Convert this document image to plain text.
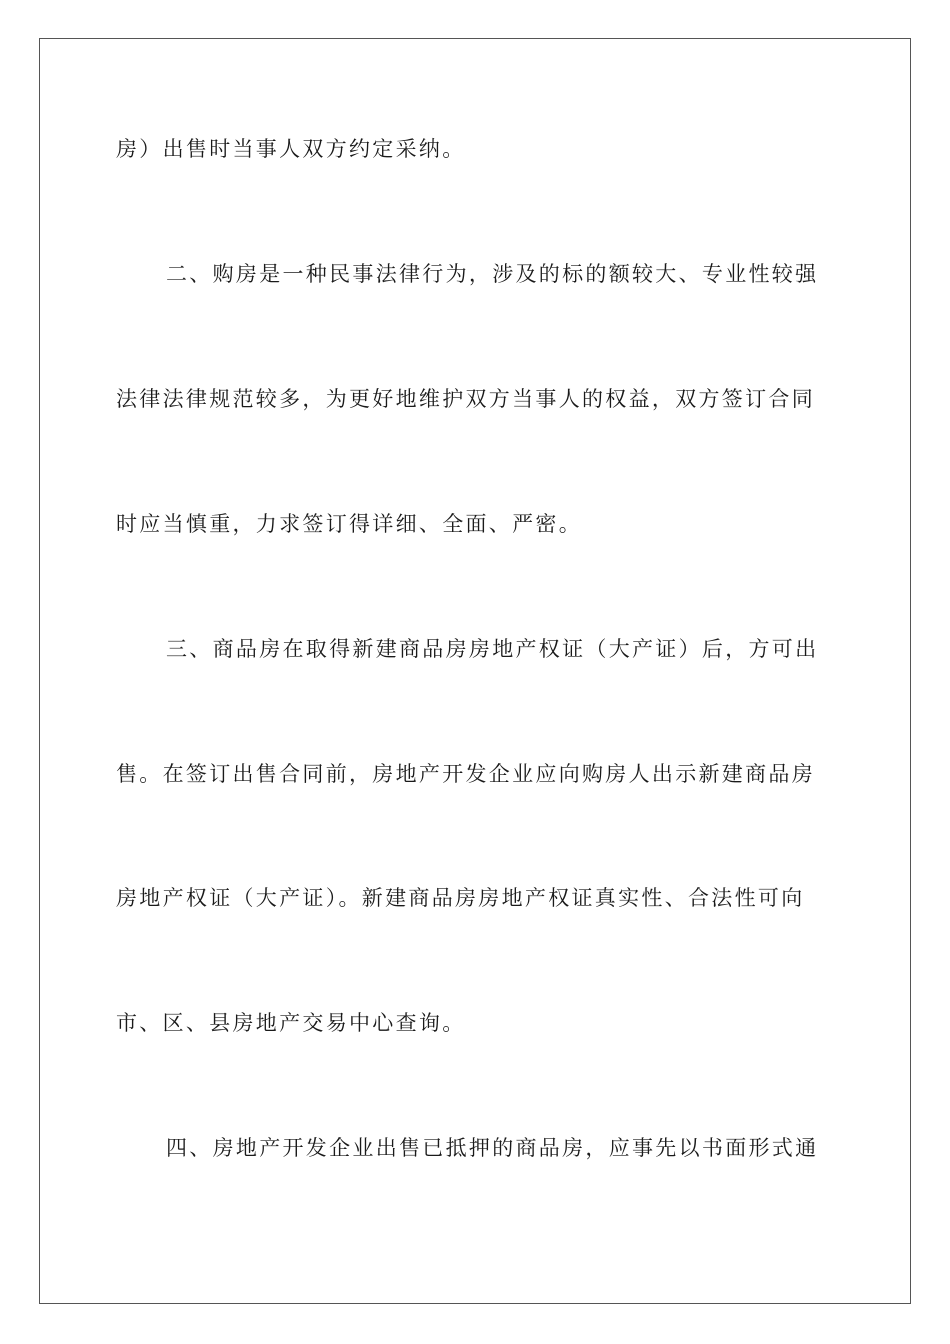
房）出售时当事人双方约定采纳。
二、购房是一种民事法律行为，涉及的标的额较大、专业性较强
法律法律规范较多，为更好地维护双方当事人的权益，双方签订合同
时应当慎重，力求签订得详细、全面、严密。
三、商品房在取得新建商品房房地产权证（大产证）后，方可出
售。在签订出售合同前，房地产开发企业应向购房人出示新建商品房
房地产权证（大产证）。新建商品房房地产权证真实性、合法性可向
市、区、县房地产交易中心查询。
四、房地产开发企业出售已抵押的商品房，应事先以书面形式通
